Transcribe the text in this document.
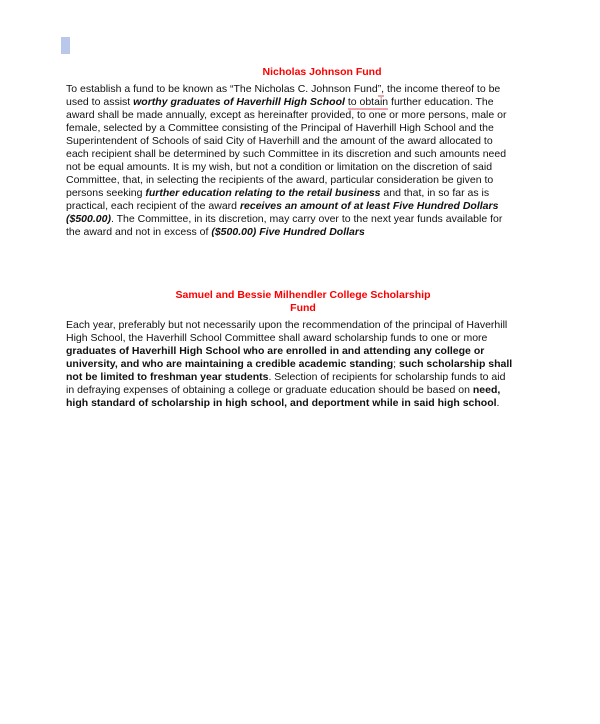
Nicholas Johnson Fund
To establish a fund to be known as “The Nicholas C. Johnson Fund”, the income thereof to be
used to assist worthy graduates of Haverhill High School to obtain further education. The
award shall be made annually, except as hereinafter provided, to one or more persons, male or
female, selected by a Committee consisting of the Principal of Haverhill High School and the
Superintendent of Schools of said City of Haverhill and the amount of the award allocated to
each recipient shall be determined by such Committee in its discretion and such amounts need
not be equal amounts. It is my wish, but not a condition or limitation on the discretion of said
Committee, that, in selecting the recipients of the award, particular consideration be given to
persons seeking further education relating to the retail business and that, in so far as is
practical, each recipient of the award receives an amount of at least Five Hundred Dollars
($500.00). The Committee, in its discretion, may carry over to the next year funds available for
the award and not in excess of ($500.00) Five Hundred Dollars
Samuel and Bessie Milhendler College Scholarship
Fund
Each year, preferably but not necessarily upon the recommendation of the principal of Haverhill
High School, the Haverhill School Committee shall award scholarship funds to one or more
graduates of Haverhill High School who are enrolled in and attending any college or
university, and who are maintaining a credible academic standing; such scholarship shall
not be limited to freshman year students. Selection of recipients for scholarship funds to aid
in defraying expenses of obtaining a college or graduate education should be based on need,
high standard of scholarship in high school, and deportment while in said high school.
